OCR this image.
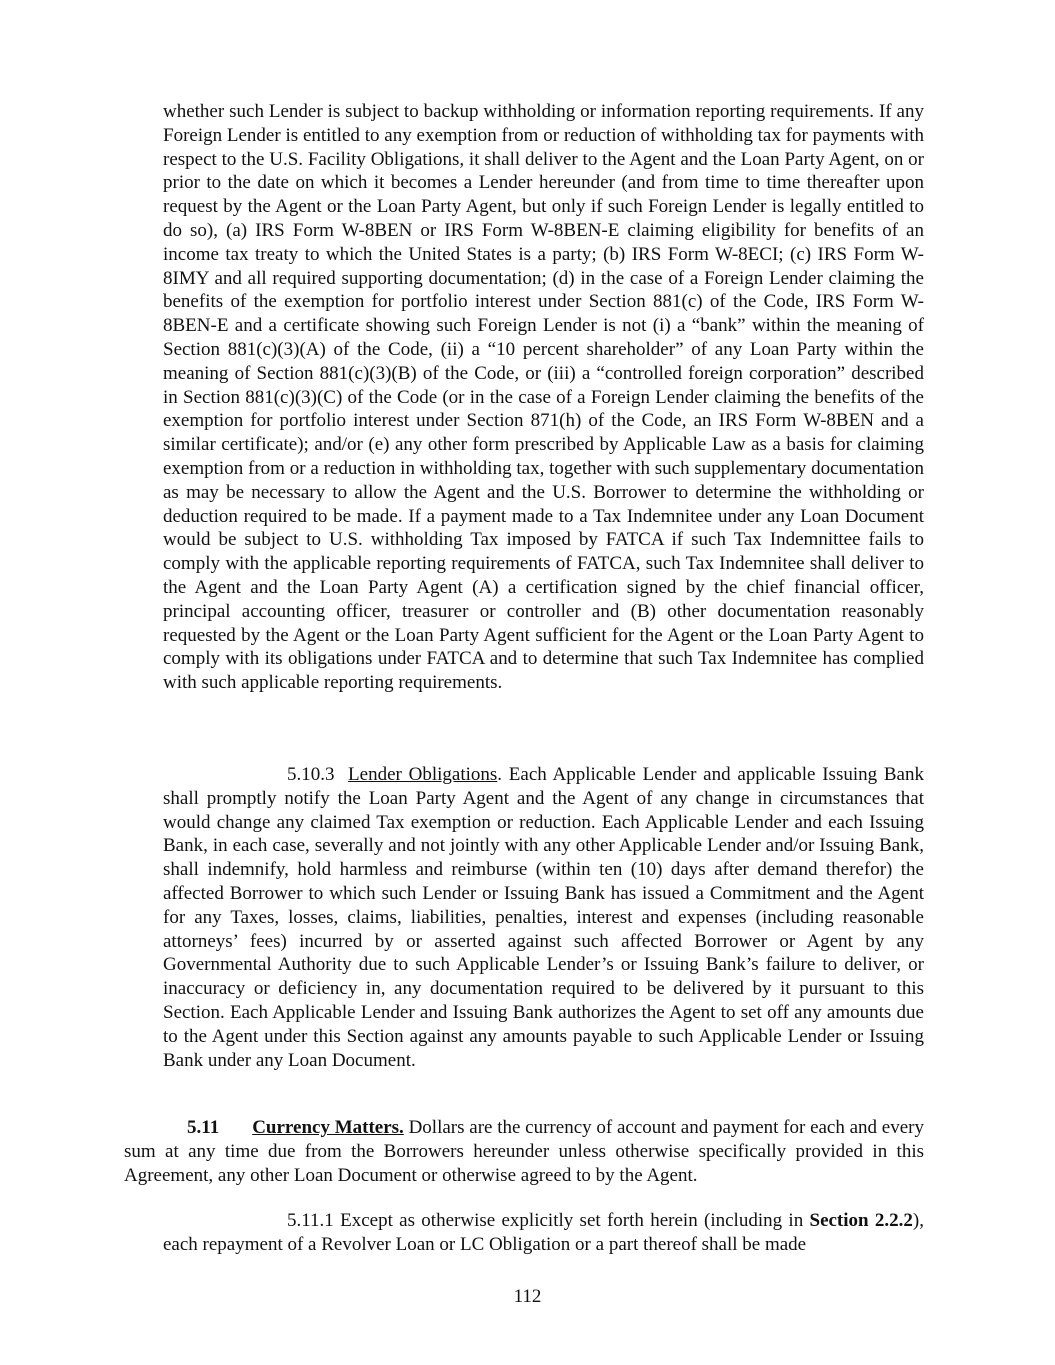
whether such Lender is subject to backup withholding or information reporting requirements. If any Foreign Lender is entitled to any exemption from or reduction of withholding tax for payments with respect to the U.S. Facility Obligations, it shall deliver to the Agent and the Loan Party Agent, on or prior to the date on which it becomes a Lender hereunder (and from time to time thereafter upon request by the Agent or the Loan Party Agent, but only if such Foreign Lender is legally entitled to do so), (a) IRS Form W-8BEN or IRS Form W-8BEN-E claiming eligibility for benefits of an income tax treaty to which the United States is a party; (b) IRS Form W-8ECI; (c) IRS Form W-8IMY and all required supporting documentation; (d) in the case of a Foreign Lender claiming the benefits of the exemption for portfolio interest under Section 881(c) of the Code, IRS Form W-8BEN-E and a certificate showing such Foreign Lender is not (i) a “bank” within the meaning of Section 881(c)(3)(A) of the Code, (ii) a “10 percent shareholder” of any Loan Party within the meaning of Section 881(c)(3)(B) of the Code, or (iii) a “controlled foreign corporation” described in Section 881(c)(3)(C) of the Code (or in the case of a Foreign Lender claiming the benefits of the exemption for portfolio interest under Section 871(h) of the Code, an IRS Form W-8BEN and a similar certificate); and/or (e) any other form prescribed by Applicable Law as a basis for claiming exemption from or a reduction in withholding tax, together with such supplementary documentation as may be necessary to allow the Agent and the U.S. Borrower to determine the withholding or deduction required to be made. If a payment made to a Tax Indemnitee under any Loan Document would be subject to U.S. withholding Tax imposed by FATCA if such Tax Indemnittee fails to comply with the applicable reporting requirements of FATCA, such Tax Indemnitee shall deliver to the Agent and the Loan Party Agent (A) a certification signed by the chief financial officer, principal accounting officer, treasurer or controller and (B) other documentation reasonably requested by the Agent or the Loan Party Agent sufficient for the Agent or the Loan Party Agent to comply with its obligations under FATCA and to determine that such Tax Indemnitee has complied with such applicable reporting requirements.

5.10.3 Lender Obligations. Each Applicable Lender and applicable Issuing Bank shall promptly notify the Loan Party Agent and the Agent of any change in circumstances that would change any claimed Tax exemption or reduction. Each Applicable Lender and each Issuing Bank, in each case, severally and not jointly with any other Applicable Lender and/or Issuing Bank, shall indemnify, hold harmless and reimburse (within ten (10) days after demand therefor) the affected Borrower to which such Lender or Issuing Bank has issued a Commitment and the Agent for any Taxes, losses, claims, liabilities, penalties, interest and expenses (including reasonable attorneys’ fees) incurred by or asserted against such affected Borrower or Agent by any Governmental Authority due to such Applicable Lender’s or Issuing Bank’s failure to deliver, or inaccuracy or deficiency in, any documentation required to be delivered by it pursuant to this Section. Each Applicable Lender and Issuing Bank authorizes the Agent to set off any amounts due to the Agent under this Section against any amounts payable to such Applicable Lender or Issuing Bank under any Loan Document.

5.11 Currency Matters. Dollars are the currency of account and payment for each and every sum at any time due from the Borrowers hereunder unless otherwise specifically provided in this Agreement, any other Loan Document or otherwise agreed to by the Agent.

5.11.1 Except as otherwise explicitly set forth herein (including in Section 2.2.2), each repayment of a Revolver Loan or LC Obligation or a part thereof shall be made

112
